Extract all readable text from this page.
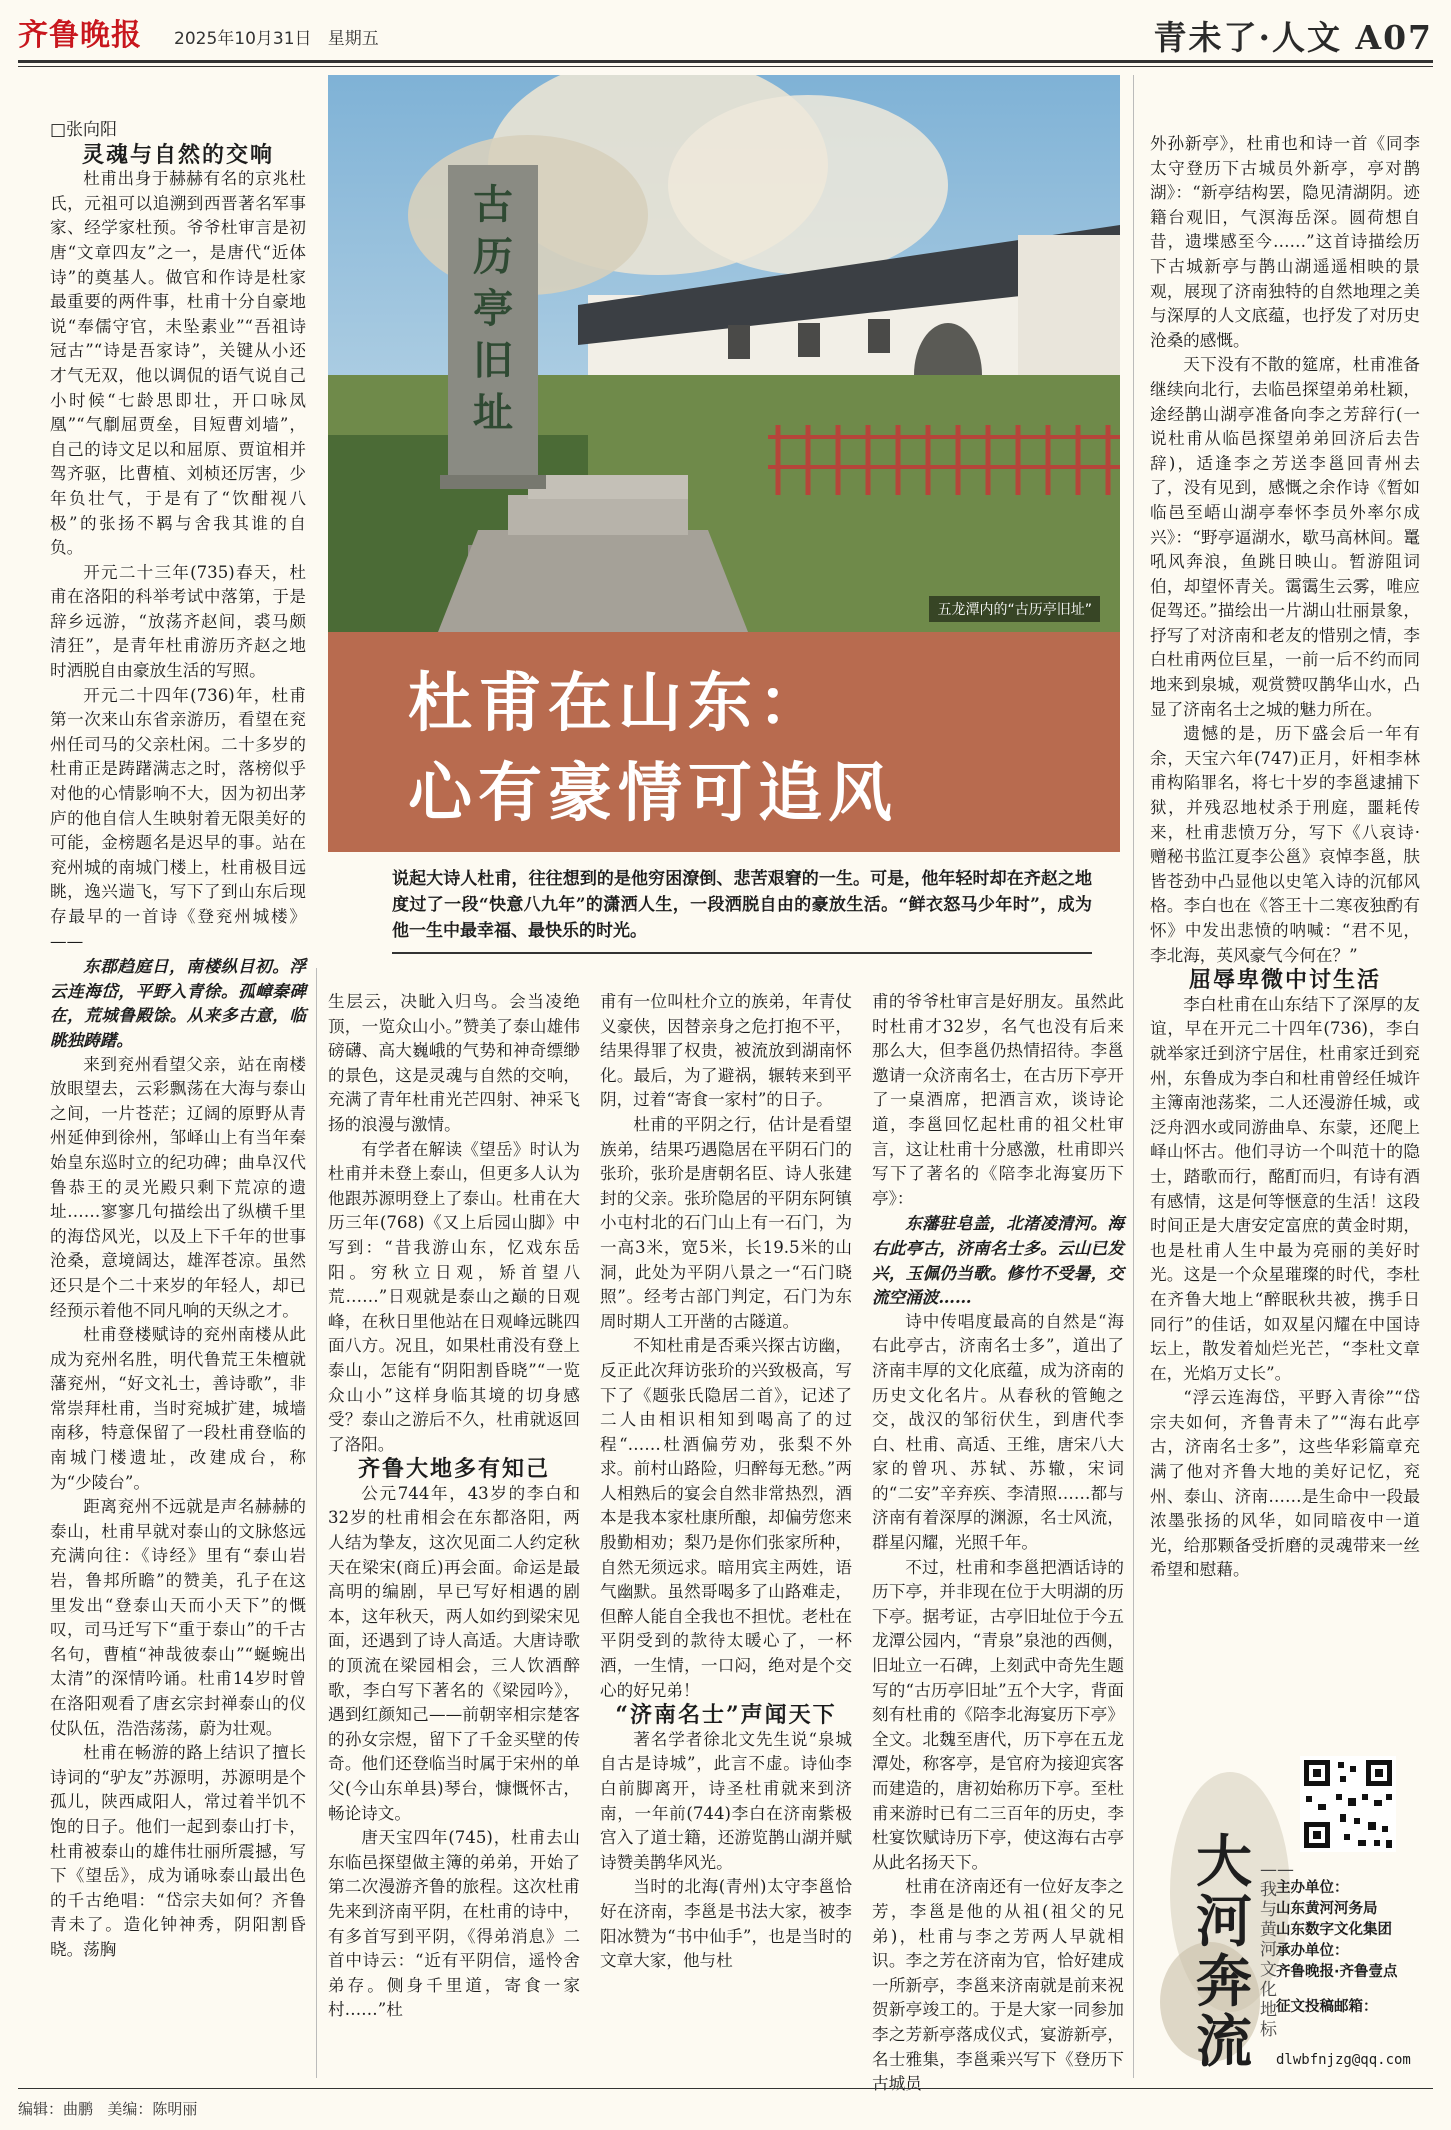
齐鲁晚报 2025年10月31日 星期五	青未了·人文 A07

□张向阳

灵魂与自然的交响

杜甫出身于赫赫有名的京兆杜氏，元祖可以追溯到西晋著名军事家、经学家杜预。爷爷杜审言是初唐“文章四友”之一，是唐代“近体诗”的奠基人。做官和作诗是杜家最重要的两件事，杜甫十分自豪地说“奉儒守官，未坠素业”“吾祖诗冠古”“诗是吾家诗”，关键从小还才气无双，他以调侃的语气说自己小时候“七龄思即壮，开口咏凤凰”“气劘屈贾垒，目短曹刘墙”，自己的诗文足以和屈原、贾谊相并驾齐驱，比曹植、刘桢还厉害，少年负壮气，于是有了“饮酣视八极”的张扬不羁与舍我其谁的自负。

开元二十三年(735)春天，杜甫在洛阳的科举考试中落第，于是辞乡远游，“放荡齐赵间，裘马颇清狂”，是青年杜甫游历齐赵之地时洒脱自由豪放生活的写照。

开元二十四年(736)年，杜甫第一次来山东省亲游历，看望在兖州任司马的父亲杜闲。二十多岁的杜甫正是踌躇满志之时，落榜似乎对他的心情影响不大，因为初出茅庐的他自信人生映射着无限美好的可能，金榜题名是迟早的事。站在兖州城的南城门楼上，杜甫极目远眺，逸兴遄飞，写下了到山东后现存最早的一首诗《登兖州城楼》——

东郡趋庭日，南楼纵目初。浮云连海岱，平野入青徐。孤嶂秦碑在，荒城鲁殿馀。从来多古意，临眺独踌躇。

来到兖州看望父亲，站在南楼放眼望去，云彩飘荡在大海与泰山之间，一片苍茫；辽阔的原野从青州延伸到徐州，邹峄山上有当年秦始皇东巡时立的纪功碑；曲阜汉代鲁恭王的灵光殿只剩下荒凉的遗址……寥寥几句描绘出了纵横千里的海岱风光，以及上下千年的世事沧桑，意境阔达，雄浑苍凉。虽然还只是个二十来岁的年轻人，却已经预示着他不同凡响的天纵之才。

杜甫登楼赋诗的兖州南楼从此成为兖州名胜，明代鲁荒王朱檀就藩兖州，“好文礼士，善诗歌”，非常崇拜杜甫，当时兖城扩建，城墙南移，特意保留了一段杜甫登临的南城门楼遗址，改建成台，称为“少陵台”。

距离兖州不远就是声名赫赫的泰山，杜甫早就对泰山的文脉悠远充满向往：《诗经》里有“泰山岩岩，鲁邦所瞻”的赞美，孔子在这里发出“登泰山天而小天下”的慨叹，司马迁写下“重于泰山”的千古名句，曹植“神哉彼泰山”“蜒蜿出太清”的深情吟诵。杜甫14岁时曾在洛阳观看了唐玄宗封禅泰山的仪仗队伍，浩浩荡荡，蔚为壮观。

杜甫在畅游的路上结识了擅长诗词的“驴友”苏源明，苏源明是个孤儿，陕西咸阳人，常过着半饥不饱的日子。他们一起到泰山打卡，杜甫被泰山的雄伟壮丽所震撼，写下《望岳》，成为诵咏泰山最出色的千古绝唱：“岱宗夫如何？齐鲁青未了。造化钟神秀，阴阳割昏晓。荡胸

古历亭旧址
五龙潭内的“古历亭旧址”
杜甫在山东：
心有豪情可追风
说起大诗人杜甫，往往想到的是他穷困潦倒、悲苦艰窘的一生。可是，他年轻时却在齐赵之地度过了一段“快意八九年”的潇洒人生，一段洒脱自由的豪放生活。“鲜衣怒马少年时”，成为他一生中最幸福、最快乐的时光。

生层云，决眦入归鸟。会当凌绝顶，一览众山小。”赞美了泰山雄伟磅礴、高大巍峨的气势和神奇缥缈的景色，这是灵魂与自然的交响，充满了青年杜甫光芒四射、神采飞扬的浪漫与激情。

有学者在解读《望岳》时认为杜甫并未登上泰山，但更多人认为他跟苏源明登上了泰山。杜甫在大历三年(768)《又上后园山脚》中写到：“昔我游山东，忆戏东岳阳。穷秋立日观，矫首望八荒……”日观就是泰山之巅的日观峰，在秋日里他站在日观峰远眺四面八方。况且，如果杜甫没有登上泰山，怎能有“阴阳割昏晓”“一览众山小”这样身临其境的切身感受？泰山之游后不久，杜甫就返回了洛阳。

齐鲁大地多有知己

公元744年，43岁的李白和32岁的杜甫相会在东都洛阳，两人结为挚友，这次见面二人约定秋天在梁宋(商丘)再会面。命运是最高明的编剧，早已写好相遇的剧本，这年秋天，两人如约到梁宋见面，还遇到了诗人高适。大唐诗歌的顶流在梁园相会，三人饮酒醉歌，李白写下著名的《梁园吟》，遇到红颜知己——前朝宰相宗楚客的孙女宗煜，留下了千金买壁的传奇。他们还登临当时属于宋州的单父(今山东单县)琴台，慷慨怀古，畅论诗文。

唐天宝四年(745)，杜甫去山东临邑探望做主簿的弟弟，开始了第二次漫游齐鲁的旅程。这次杜甫先来到济南平阴，在杜甫的诗中，有多首写到平阴，《得弟消息》二首中诗云：“近有平阴信，遥怜舍弟存。侧身千里道，寄食一家村……”杜

甫有一位叫杜介立的族弟，年青仗义豪侠，因替亲身之危打抱不平，结果得罪了权贵，被流放到湖南怀化。最后，为了避祸，辗转来到平阴，过着“寄食一家村”的日子。

杜甫的平阴之行，估计是看望族弟，结果巧遇隐居在平阴石门的张玠，张玠是唐朝名臣、诗人张建封的父亲。张玠隐居的平阴东阿镇小屯村北的石门山上有一石门，为一高3米，宽5米，长19.5米的山洞，此处为平阴八景之一“石门晓照”。经考古部门判定，石门为东周时期人工开凿的古隧道。

不知杜甫是否乘兴探古访幽，反正此次拜访张玠的兴致极高，写下了《题张氏隐居二首》，记述了二人由相识相知到喝高了的过程“……杜酒偏劳劝，张梨不外求。前村山路险，归醉每无愁。”两人相熟后的宴会自然非常热烈，酒本是我本家杜康所酿，却偏劳您来殷勤相劝；梨乃是你们张家所种，自然无须远求。暗用宾主两姓，语气幽默。虽然哥喝多了山路难走，但醉人能自全我也不担忧。老杜在平阴受到的款待太暖心了，一杯酒，一生情，一口闷，绝对是个交心的好兄弟！

“济南名士”声闻天下

著名学者徐北文先生说“泉城自古是诗城”，此言不虚。诗仙李白前脚离开，诗圣杜甫就来到济南，一年前(744)李白在济南紫极宫入了道士籍，还游览鹊山湖并赋诗赞美鹊华风光。

当时的北海(青州)太守李邕恰好在济南，李邕是书法大家，被李阳冰赞为“书中仙手”，也是当时的文章大家，他与杜

甫的爷爷杜审言是好朋友。虽然此时杜甫才32岁，名气也没有后来那么大，但李邕仍热情招待。李邕邀请一众济南名士，在古历下亭开了一桌酒席，把酒言欢，谈诗论道，李邕回忆起杜甫的祖父杜审言，这让杜甫十分感激，杜甫即兴写下了著名的《陪李北海宴历下亭》：

东藩驻皂盖，北渚凌清河。海右此亭古，济南名士多。云山已发兴，玉佩仍当歌。修竹不受暑，交流空涌波……

诗中传唱度最高的自然是“海右此亭古，济南名士多”，道出了济南丰厚的文化底蕴，成为济南的历史文化名片。从春秋的管鲍之交，战汉的邹衍伏生，到唐代李白、杜甫、高适、王维，唐宋八大家的曾巩、苏轼、苏辙，宋词的“二安”辛弃疾、李清照……都与济南有着深厚的渊源，名士风流，群星闪耀，光照千年。

不过，杜甫和李邕把酒话诗的历下亭，并非现在位于大明湖的历下亭。据考证，古亭旧址位于今五龙潭公园内，“青泉”泉池的西侧，旧址立一石碑，上刻武中奇先生题写的“古历亭旧址”五个大字，背面刻有杜甫的《陪李北海宴历下亭》全文。北魏至唐代，历下亭在五龙潭处，称客亭，是官府为接迎宾客而建造的，唐初始称历下亭。至杜甫来游时已有二三百年的历史，李杜宴饮赋诗历下亭，使这海右古亭从此名扬天下。

杜甫在济南还有一位好友李之芳，李邕是他的从祖(祖父的兄弟)，杜甫与李之芳两人早就相识。李之芳在济南为官，恰好建成一所新亭，李邕来济南就是前来祝贺新亭竣工的。于是大家一同参加李之芳新亭落成仪式，宴游新亭，名士雅集，李邕乘兴写下《登历下古城员

外孙新亭》，杜甫也和诗一首《同李太守登历下古城员外新亭，亭对鹊湖》：“新亭结构罢，隐见清湖阴。迹籍台观旧，气溟海岳深。圆荷想自昔，遗堞感至今……”这首诗描绘历下古城新亭与鹊山湖遥遥相映的景观，展现了济南独特的自然地理之美与深厚的人文底蕴，也抒发了对历史沧桑的感慨。

天下没有不散的筵席，杜甫准备继续向北行，去临邑探望弟弟杜颖，途经鹊山湖亭准备向李之芳辞行(一说杜甫从临邑探望弟弟回济后去告辞)，适逢李之芳送李邕回青州去了，没有见到，感慨之余作诗《暂如临邑至峿山湖亭奉怀李员外率尔成兴》：“野亭逼湖水，歇马高林间。鼍吼风奔浪，鱼跳日映山。暂游阻词伯，却望怀青关。霭霭生云雾，唯应促驾还。”描绘出一片湖山壮丽景象，抒写了对济南和老友的惜别之情，李白杜甫两位巨星，一前一后不约而同地来到泉城，观赏赞叹鹊华山水，凸显了济南名士之城的魅力所在。

遗憾的是，历下盛会后一年有余，天宝六年(747)正月，奸相李林甫构陷罪名，将七十岁的李邕逮捕下狱，并残忍地杖杀于刑庭，噩耗传来，杜甫悲愤万分，写下《八哀诗·赠秘书监江夏李公邕》哀悼李邕，肤皆苍劲中凸显他以史笔入诗的沉郁风格。李白也在《答王十二寒夜独酌有怀》中发出悲愤的呐喊：“君不见，李北海，英风豪气今何在？”

屈辱卑微中讨生活

李白杜甫在山东结下了深厚的友谊，早在开元二十四年(736)，李白就举家迁到济宁居住，杜甫家迁到兖州，东鲁成为李白和杜甫曾经任城许主簿南池荡桨，二人还漫游任城，或泛舟泗水或同游曲阜、东蒙，还爬上峄山怀古。他们寻访一个叫范十的隐士，踏歌而行，酩酊而归，有诗有酒有感情，这是何等惬意的生活！这段时间正是大唐安定富庶的黄金时期，也是杜甫人生中最为亮丽的美好时光。这是一个众星璀璨的时代，李杜在齐鲁大地上“醉眠秋共被，携手日同行”的佳话，如双星闪耀在中国诗坛上，散发着灿烂光芒，“李杜文章在，光焰万丈长”。

“浮云连海岱，平野入青徐”“岱宗夫如何，齐鲁青未了”“海右此亭古，济南名士多”，这些华彩篇章充满了他对齐鲁大地的美好记忆，兖州、泰山、济南……是生命中一段最浓墨张扬的风华，如同暗夜中一道光，给那颗备受折磨的灵魂带来一丝希望和慰藉。

大河奔流
——我与黄河文化地标
主办单位：
山东黄河河务局
山东数字文化集团
承办单位：
齐鲁晚报·齐鲁壹点
征文投稿邮箱：
dlwbfnjzg@qq.com
编辑：曲鹏 美编：陈明丽
